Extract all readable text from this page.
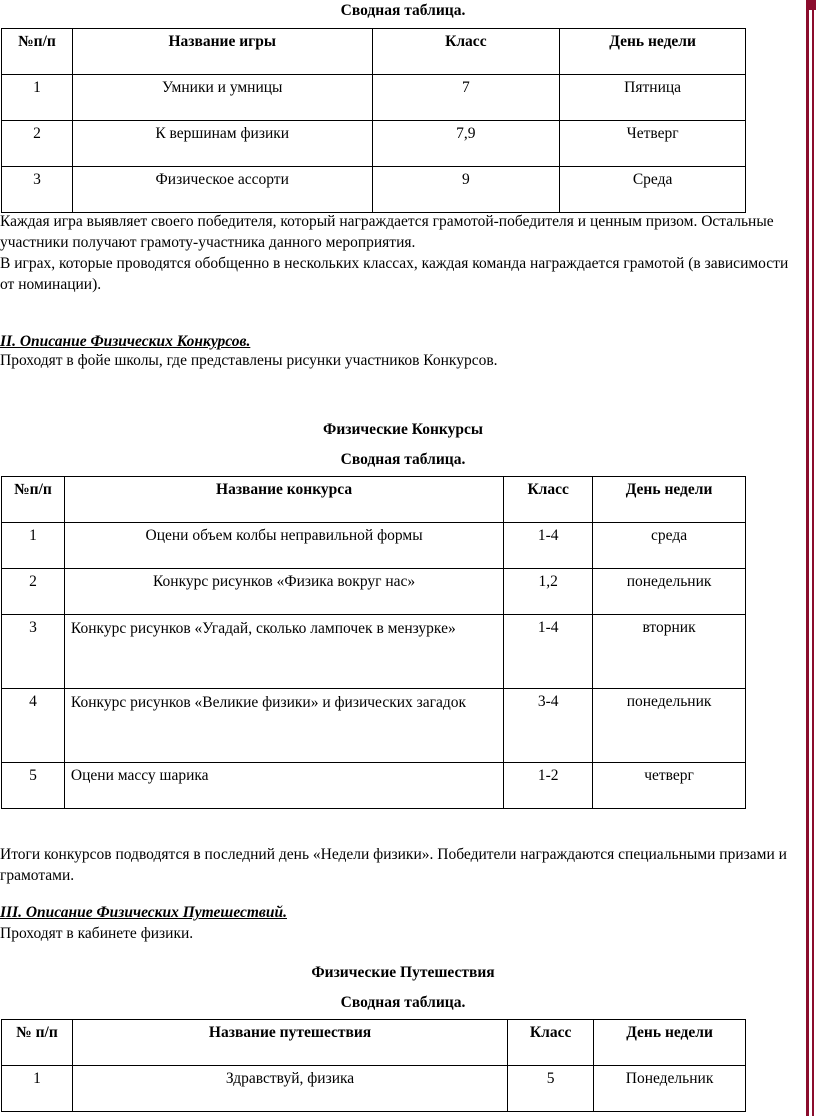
Сводная таблица.
№п/п	Название игры	Класс	День недели

1	Умники и умницы	7	Пятница

2	К вершинам физики	7,9	Четверг

3	Физическое ассорти	9	Среда
Каждая игра выявляет своего победителя, который награждается грамотой-победителя и ценным призом. Остальные участники получают грамоту-участника данного мероприятия.
В играх, которые проводятся обобщенно в нескольких классах, каждая команда награждается грамотой (в зависимости от номинации).
II. Описание Физических Конкурсов.
Проходят в фойе школы, где представлены рисунки участников Конкурсов.
Физические Конкурсы
Сводная таблица.
№п/п	Название конкурса	Класс	День недели

1	Оцени объем колбы неправильной формы	1-4	среда

2	Конкурс рисунков «Физика вокруг нас»	1,2	понедельник

3	Конкурс рисунков «Угадай, сколько лампочек в мензурке»	1-4	вторник

4	Конкурс рисунков «Великие физики» и физических загадок	3-4	понедельник

5	Оцени массу шарика	1-2	четверг
Итоги конкурсов подводятся в последний день «Недели физики». Победители награждаются специальными призами и грамотами.
III. Описание Физических Путешествий.
Проходят в кабинете физики.
Физические Путешествия
Сводная таблица.
№ п/п	Название путешествия	Класс	День недели

1	Здравствуй, физика	5	Понедельник
